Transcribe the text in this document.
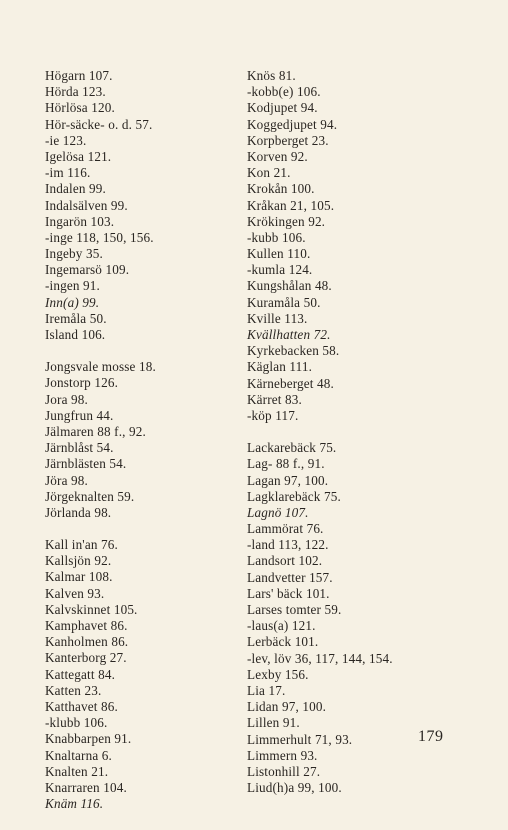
Högarn 107.
Hörda 123.
Hörlösa 120.
Hör-säcke- o. d. 57.
-ie 123.
Igelösa 121.
-im 116.
Indalen 99.
Indalsälven 99.
Ingarön 103.
-inge 118, 150, 156.
Ingeby 35.
Ingemarsö 109.
-ingen 91.
Inn(a) 99.
Iremåla 50.
Island 106.
Jongsvale mosse 18.
Jonstorp 126.
Jora 98.
Jungfrun 44.
Jälmaren 88 f., 92.
Järnblåst 54.
Järnblästen 54.
Jöra 98.
Jörgeknalten 59.
Jörlanda 98.
Kall in'an 76.
Kallsjön 92.
Kalmar 108.
Kalven 93.
Kalvskinnet 105.
Kamphavet 86.
Kanholmen 86.
Kanterborg 27.
Kattegatt 84.
Katten 23.
Katthavet 86.
-klubb 106.
Knabbarpen 91.
Knaltarna 6.
Knalten 21.
Knarraren 104.
Knäm 116.
Knös 81.
-kobb(e) 106.
Kodjupet 94.
Koggedjupet 94.
Korpberget 23.
Korven 92.
Kon 21.
Krokån 100.
Kråkan 21, 105.
Krökingen 92.
-kubb 106.
Kullen 110.
-kumla 124.
Kungshålan 48.
Kuramåla 50.
Kville 113.
Kvällhatten 72.
Kyrkebacken 58.
Käglan 111.
Kärneberget 48.
Kärret 83.
-köp 117.
Lackarebäck 75.
Lag- 88 f., 91.
Lagan 97, 100.
Lagklarebäck 75.
Lagnö 107.
Lammörat 76.
-land 113, 122.
Landsort 102.
Landvetter 157.
Lars' bäck 101.
Larses tomter 59.
-laus(a) 121.
Lerbäck 101.
-lev, löv 36, 117, 144, 154.
Lexby 156.
Lia 17.
Lidan 97, 100.
Lillen 91.
Limmerhult 71, 93.
Limmern 93.
Listonhill 27.
Liud(h)a 99, 100.
179
